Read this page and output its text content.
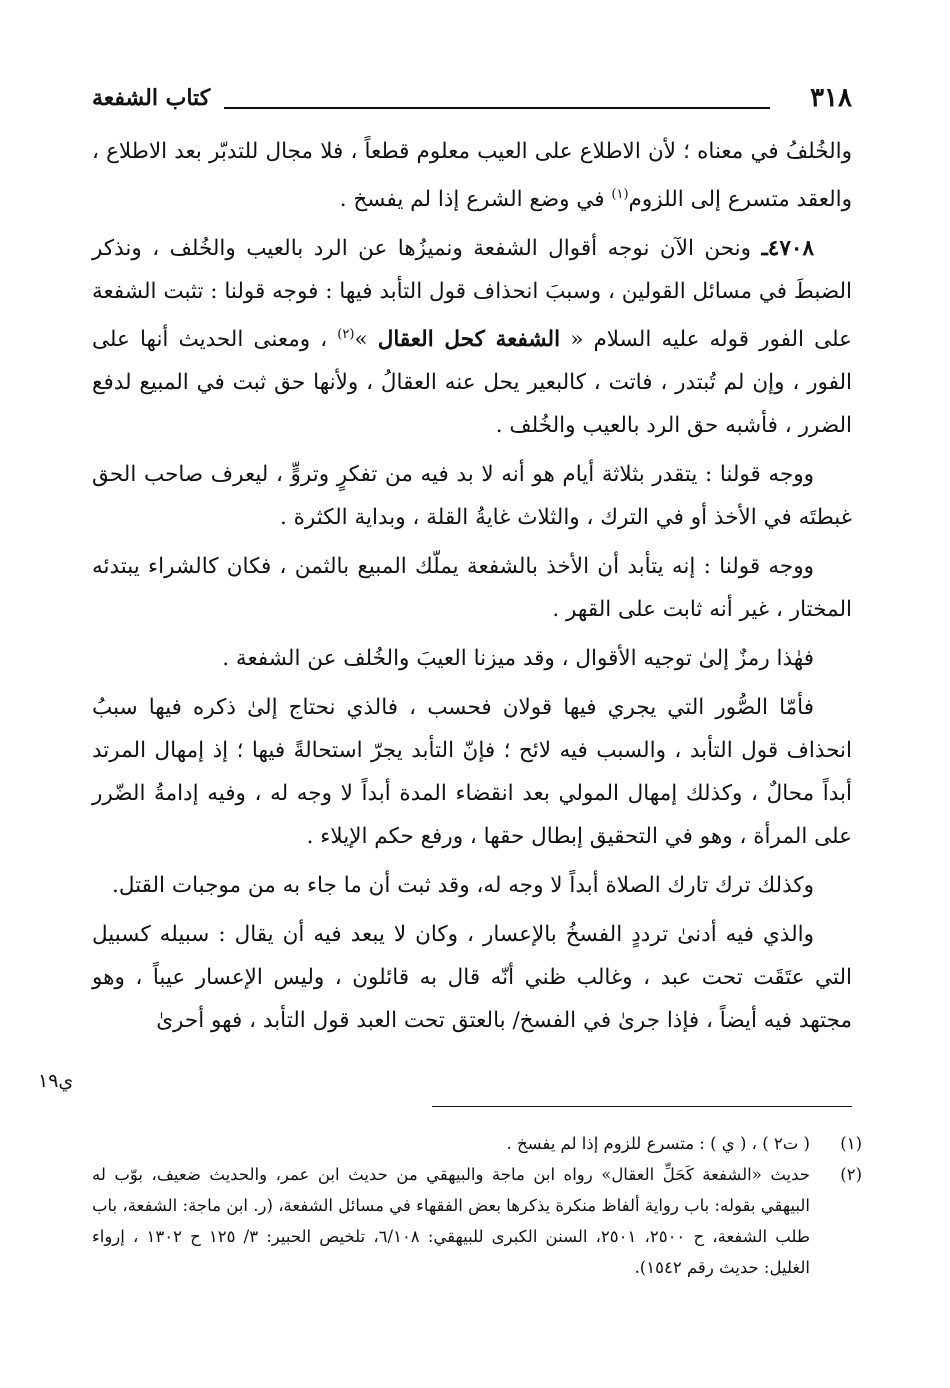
٣١٨
كتاب الشفعة

والخُلفُ في معناه ؛ لأن الاطلاع على العيب معلوم قطعاً ، فلا مجال للتدبّر بعد الاطلاع ، والعقد متسرع إلى اللزوم$^{(١)}$ في وضع الشرع إذا لم يفسخ .

٤٧٠٨ـ ونحن الآن نوجه أقوال الشفعة ونميزُها عن الرد بالعيب والخُلف ، ونذكر الضبطَ في مسائل القولين ، وسببَ انحذاف قول التأبد فيها : فوجه قولنا : تثبت الشفعة على الفور قوله عليه السلام « الشفعة كحل العقال »$^{(٢)}$ ، ومعنى الحديث أنها على الفور ، وإن لم تُبتدر ، فاتت ، كالبعير يحل عنه العقالُ ، ولأنها حق ثبت في المبيع لدفع الضرر ، فأشبه حق الرد بالعيب والخُلف .

ووجه قولنا : يتقدر بثلاثة أيام هو أنه لا بد فيه من تفكرٍ وتروٍّ ، ليعرف صاحب الحق غبطتَه في الأخذ أو في الترك ، والثلاث غايةُ القلة ، وبداية الكثرة .

ووجه قولنا : إنه يتأبد أن الأخذ بالشفعة يملّك المبيع بالثمن ، فكان كالشراء يبتدئه المختار ، غير أنه ثابت على القهر .

فهٰذا رمزٌ إلىٰ توجيه الأقوال ، وقد ميزنا العيبَ والخُلف عن الشفعة .

فأمّا الصُّور التي يجري فيها قولان فحسب ، فالذي نحتاج إلىٰ ذكره فيها سببُ انحذاف قول التأبد ، والسبب فيه لائح ؛ فإنّ التأبد يجرّ استحالةً فيها ؛ إذ إمهال المرتد أبداً محالٌ ، وكذلك إمهال المولي بعد انقضاء المدة أبداً لا وجه له ، وفيه إدامةُ الضّرر على المرأة ، وهو في التحقيق إبطال حقها ، ورفع حكم الإيلاء .

وكذلك ترك تارك الصلاة أبداً لا وجه له، وقد ثبت أن ما جاء به من موجبات القتل.

والذي فيه أدنىٰ ترددٍ الفسخُ بالإعسار ، وكان لا يبعد فيه أن يقال : سبيله كسبيل التي عتَقَت تحت عبد ، وغالب ظني أنّه قال به قائلون ، وليس الإعسار عيباً ، وهو مجتهد فيه أيضاً ، فإذا جرىٰ في الفسخ/ بالعتق تحت العبد قول التأبد ، فهو أحرىٰ

ي١٩
(١)
( ت٢ ) ، ( ي ) : متسرع للزوم إذا لم يفسخ .
(٢)
حديث «الشفعة كَحَلِّ العقال» رواه ابن ماجة والبيهقي من حديث ابن عمر، والحديث ضعيف، بوّب له البيهقي بقوله: باب رواية ألفاظ منكرة يذكرها بعض الفقهاء في مسائل الشفعة، (ر. ابن ماجة: الشفعة، باب طلب الشفعة، ح ٢٥٠٠، ٢٥٠١، السنن الكبرى للبيهقي: ٦/١٠٨، تلخيص الحبير: ٣/ ١٢٥ ح ١٣٠٢ ، إرواء الغليل: حديث رقم ١٥٤٢).
